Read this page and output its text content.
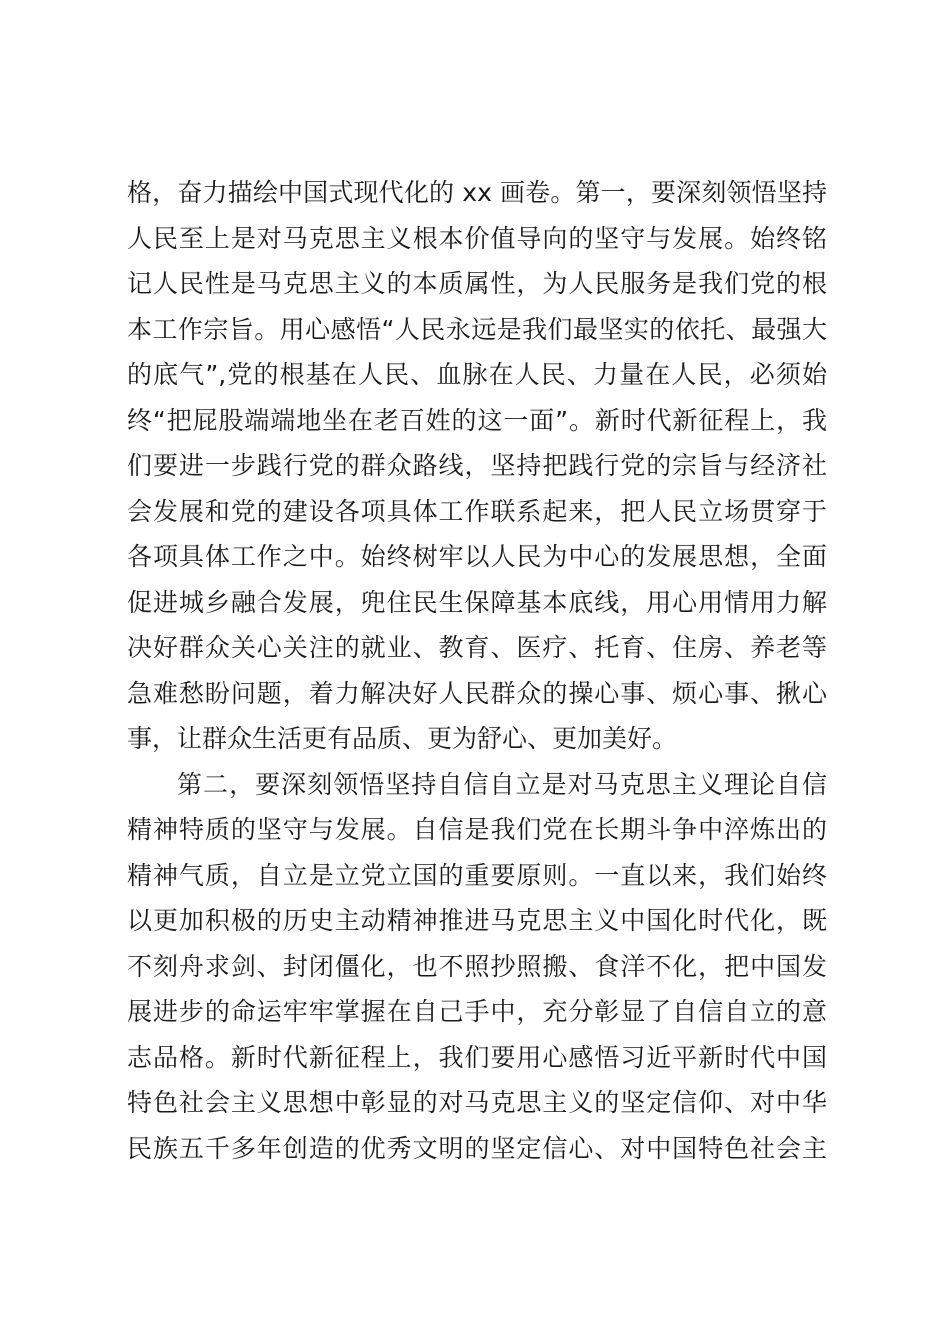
格，奋力描绘中国式现代化的 xx 画卷。第一，要深刻领悟坚持
人民至上是对马克思主义根本价值导向的坚守与发展。始终铭
记人民性是马克思主义的本质属性，为人民服务是我们党的根
本工作宗旨。用心感悟“人民永远是我们最坚实的依托、最强大
的底气”,党的根基在人民、血脉在人民、力量在人民，必须始
终“把屁股端端地坐在老百姓的这一面”。新时代新征程上，我
们要进一步践行党的群众路线，坚持把践行党的宗旨与经济社
会发展和党的建设各项具体工作联系起来，把人民立场贯穿于
各项具体工作之中。始终树牢以人民为中心的发展思想，全面
促进城乡融合发展，兜住民生保障基本底线，用心用情用力解
决好群众关心关注的就业、教育、医疗、托育、住房、养老等
急难愁盼问题，着力解决好人民群众的操心事、烦心事、揪心
事，让群众生活更有品质、更为舒心、更加美好。
第二，要深刻领悟坚持自信自立是对马克思主义理论自信
精神特质的坚守与发展。自信是我们党在长期斗争中淬炼出的
精神气质，自立是立党立国的重要原则。一直以来，我们始终
以更加积极的历史主动精神推进马克思主义中国化时代化，既
不刻舟求剑、封闭僵化，也不照抄照搬、食洋不化，把中国发
展进步的命运牢牢掌握在自己手中，充分彰显了自信自立的意
志品格。新时代新征程上，我们要用心感悟习近平新时代中国
特色社会主义思想中彰显的对马克思主义的坚定信仰、对中华
民族五千多年创造的优秀文明的坚定信心、对中国特色社会主
